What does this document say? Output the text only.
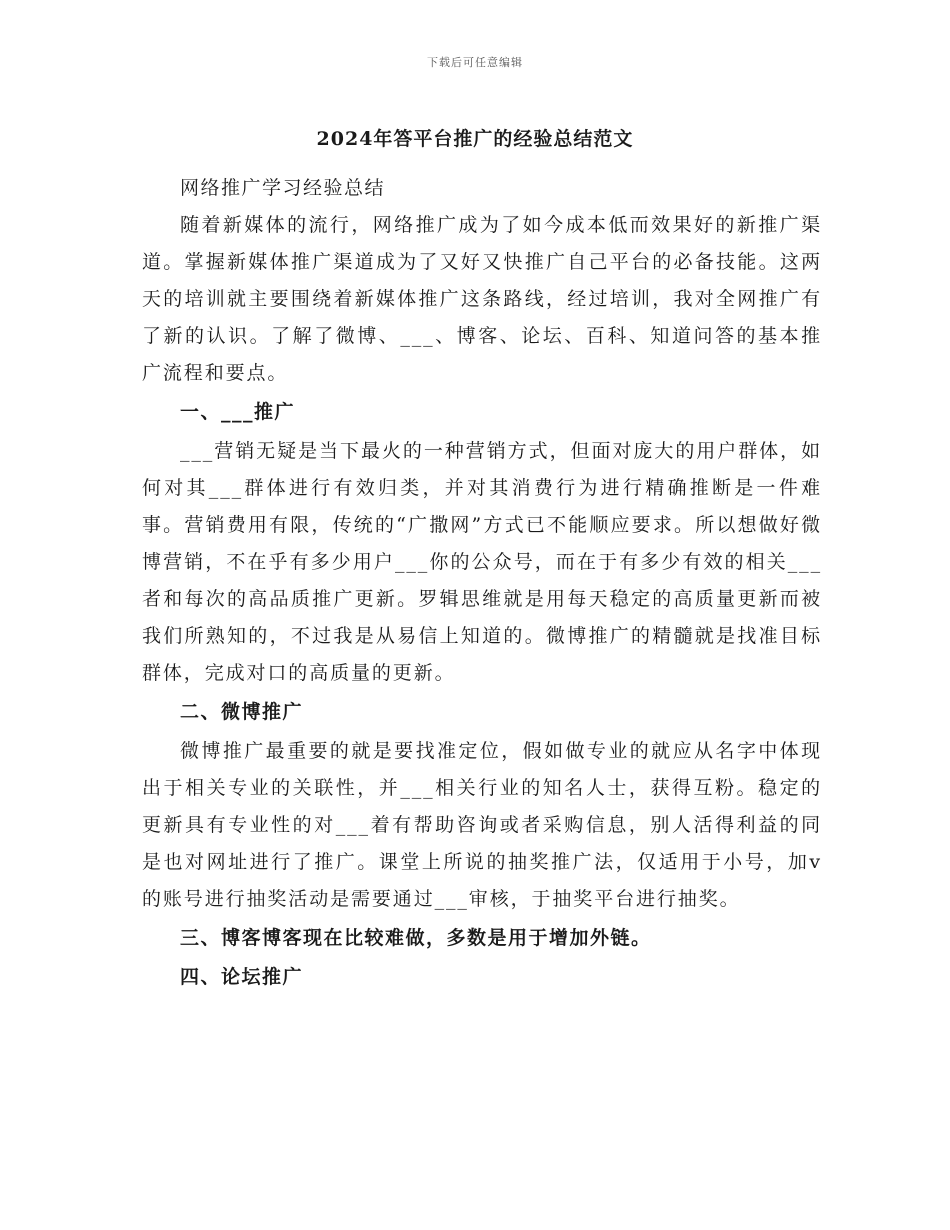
下载后可任意编辑
2024年答平台推广的经验总结范文

网络推广学习经验总结

随着新媒体的流行，网络推广成为了如今成本低而效果好的新推广渠道。掌握新媒体推广渠道成为了又好又快推广自己平台的必备技能。这两天的培训就主要围绕着新媒体推广这条路线，经过培训，我对全网推广有了新的认识。了解了微博、___、博客、论坛、百科、知道问答的基本推广流程和要点。

一、___推广

___营销无疑是当下最火的一种营销方式，但面对庞大的用户群体，如何对其___群体进行有效归类，并对其消费行为进行精确推断是一件难事。营销费用有限，传统的“广撒网”方式已不能顺应要求。所以想做好微博营销，不在乎有多少用户___你的公众号，而在于有多少有效的相关___者和每次的高品质推广更新。罗辑思维就是用每天稳定的高质量更新而被我们所熟知的，不过我是从易信上知道的。微博推广的精髓就是找准目标群体，完成对口的高质量的更新。

二、微博推广

微博推广最重要的就是要找准定位，假如做专业的就应从名字中体现出于相关专业的关联性，并___相关行业的知名人士，获得互粉。稳定的更新具有专业性的对___着有帮助咨询或者采购信息，别人活得利益的同是也对网址进行了推广。课堂上所说的抽奖推广法，仅适用于小号，加v的账号进行抽奖活动是需要通过___审核，于抽奖平台进行抽奖。

三、博客博客现在比较难做，多数是用于增加外链。

四、论坛推广
